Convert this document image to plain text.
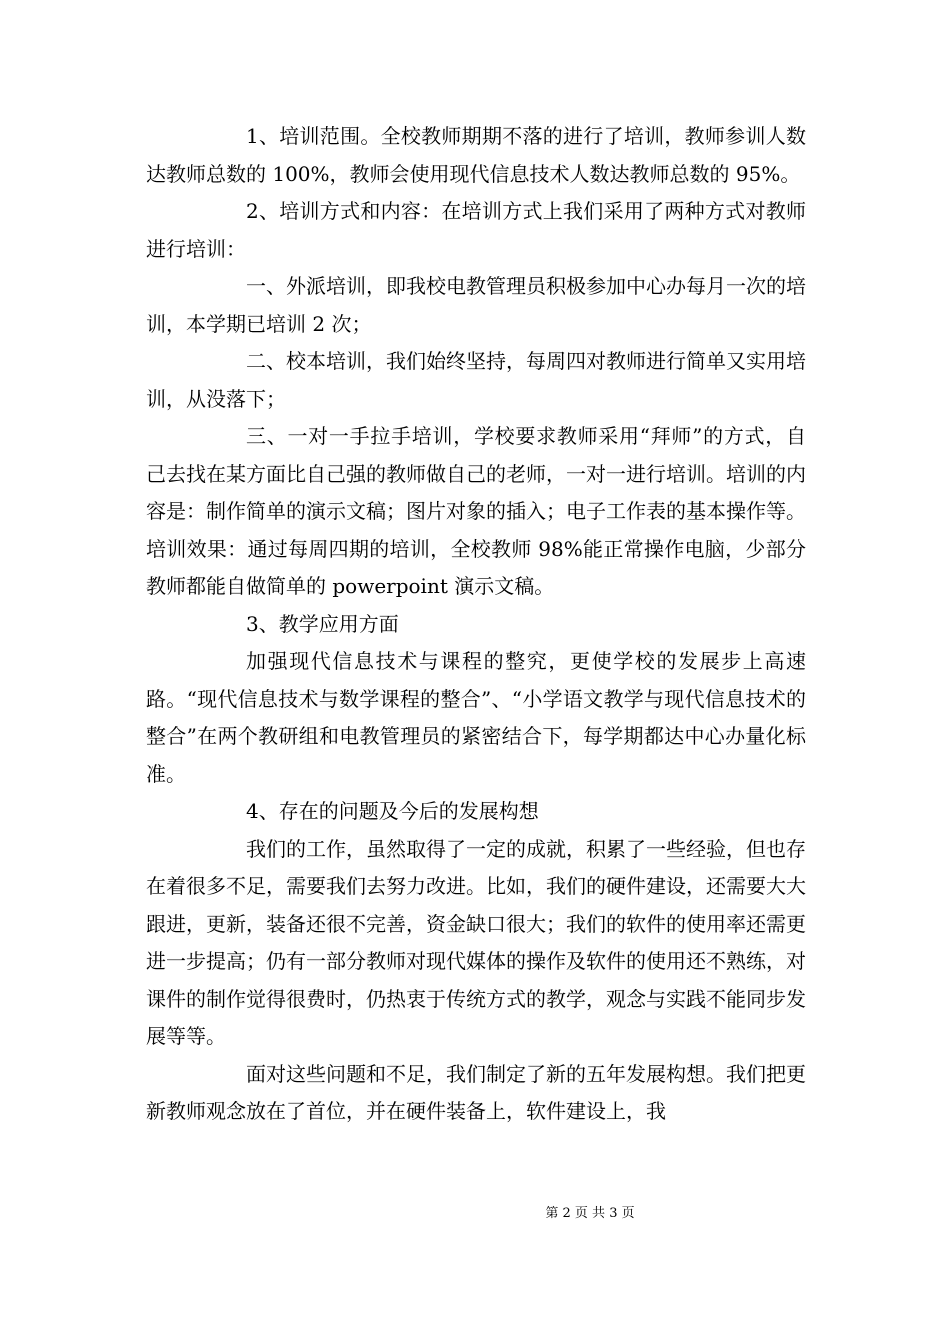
1、培训范围。全校教师期期不落的进行了培训，教师参训人数达教师总数的 100%，教师会使用现代信息技术人数达教师总数的 95%。

2、培训方式和内容：在培训方式上我们采用了两种方式对教师进行培训：

一、外派培训，即我校电教管理员积极参加中心办每月一次的培训，本学期已培训 2 次；

二、校本培训，我们始终坚持，每周四对教师进行简单又实用培训，从没落下；

三、一对一手拉手培训，学校要求教师采用“拜师”的方式，自己去找在某方面比自己强的教师做自己的老师，一对一进行培训。培训的内容是：制作简单的演示文稿；图片对象的插入；电子工作表的基本操作等。培训效果：通过每周四期的培训，全校教师 98%能正常操作电脑，少部分教师都能自做简单的 powerpoint 演示文稿。

3、教学应用方面

加强现代信息技术与课程的整究，更使学校的发展步上高速路。“现代信息技术与数学课程的整合”、“小学语文教学与现代信息技术的整合”在两个教研组和电教管理员的紧密结合下，每学期都达中心办量化标准。

4、存在的问题及今后的发展构想

我们的工作，虽然取得了一定的成就，积累了一些经验，但也存在着很多不足，需要我们去努力改进。比如，我们的硬件建设，还需要大大跟进，更新，装备还很不完善，资金缺口很大；我们的软件的使用率还需更进一步提高；仍有一部分教师对现代媒体的操作及软件的使用还不熟练，对课件的制作觉得很费时，仍热衷于传统方式的教学，观念与实践不能同步发展等等。

面对这些问题和不足，我们制定了新的五年发展构想。我们把更新教师观念放在了首位，并在硬件装备上，软件建设上，我

第 2 页 共 3 页
